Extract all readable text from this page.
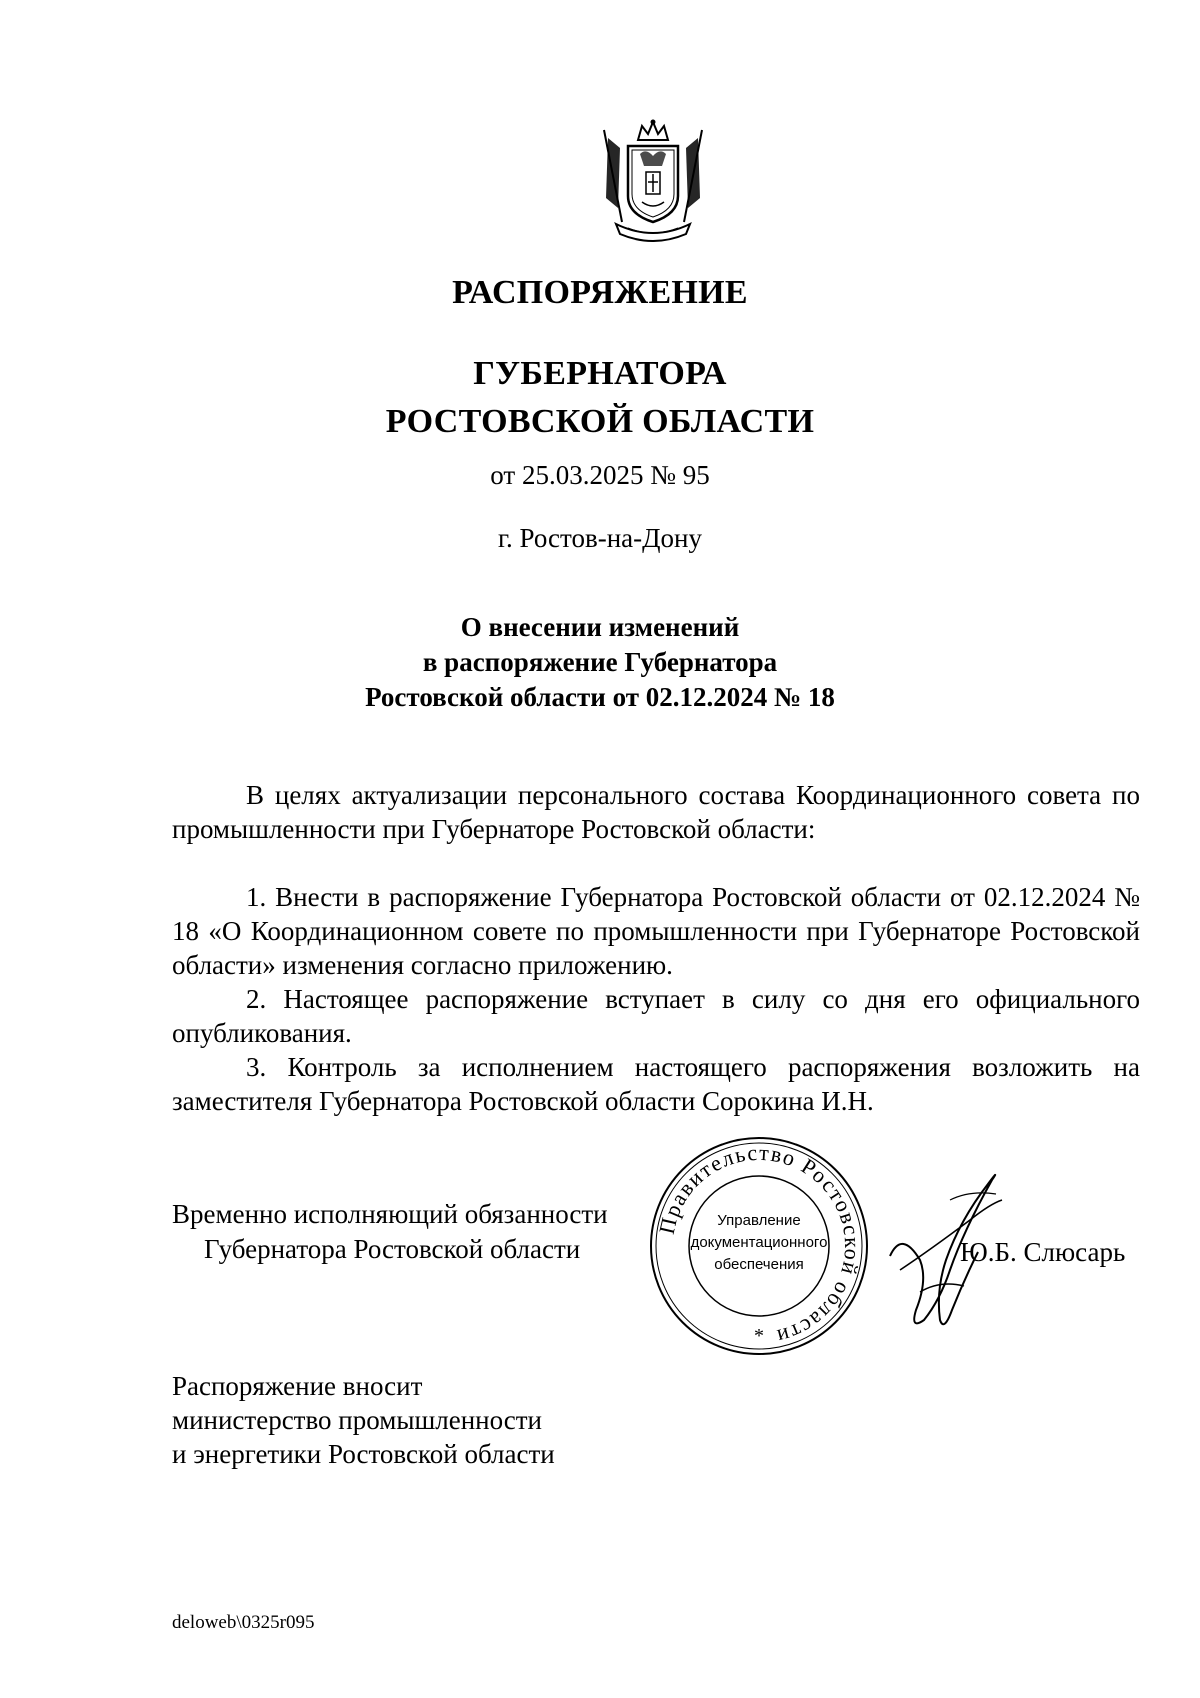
РАСПОРЯЖЕНИЕ
ГУБЕРНАТОРА
РОСТОВСКОЙ ОБЛАСТИ
от 25.03.2025 № 95
г. Ростов-на-Дону
О внесении изменений
в распоряжение Губернатора
Ростовской области от 02.12.2024 № 18

В целях актуализации персонального состава Координационного совета по промышленности при Губернаторе Ростовской области:

1. Внести в распоряжение Губернатора Ростовской области от 02.12.2024 № 18 «О Координационном совете по промышленности при Губернаторе Ростовской области» изменения согласно приложению.

2. Настоящее распоряжение вступает в силу со дня его официального опубликования.

3. Контроль за исполнением настоящего распоряжения возложить на заместителя Губернатора Ростовской области Сорокина И.Н.

Временно исполняющий обязанности
Губернатора Ростовской области
Правительство Ростовской области
Управление
документационного
обеспечения
*
Ю.Б. Слюсарь
Распоряжение вносит
министерство промышленности
и энергетики Ростовской области
deloweb\0325r095
